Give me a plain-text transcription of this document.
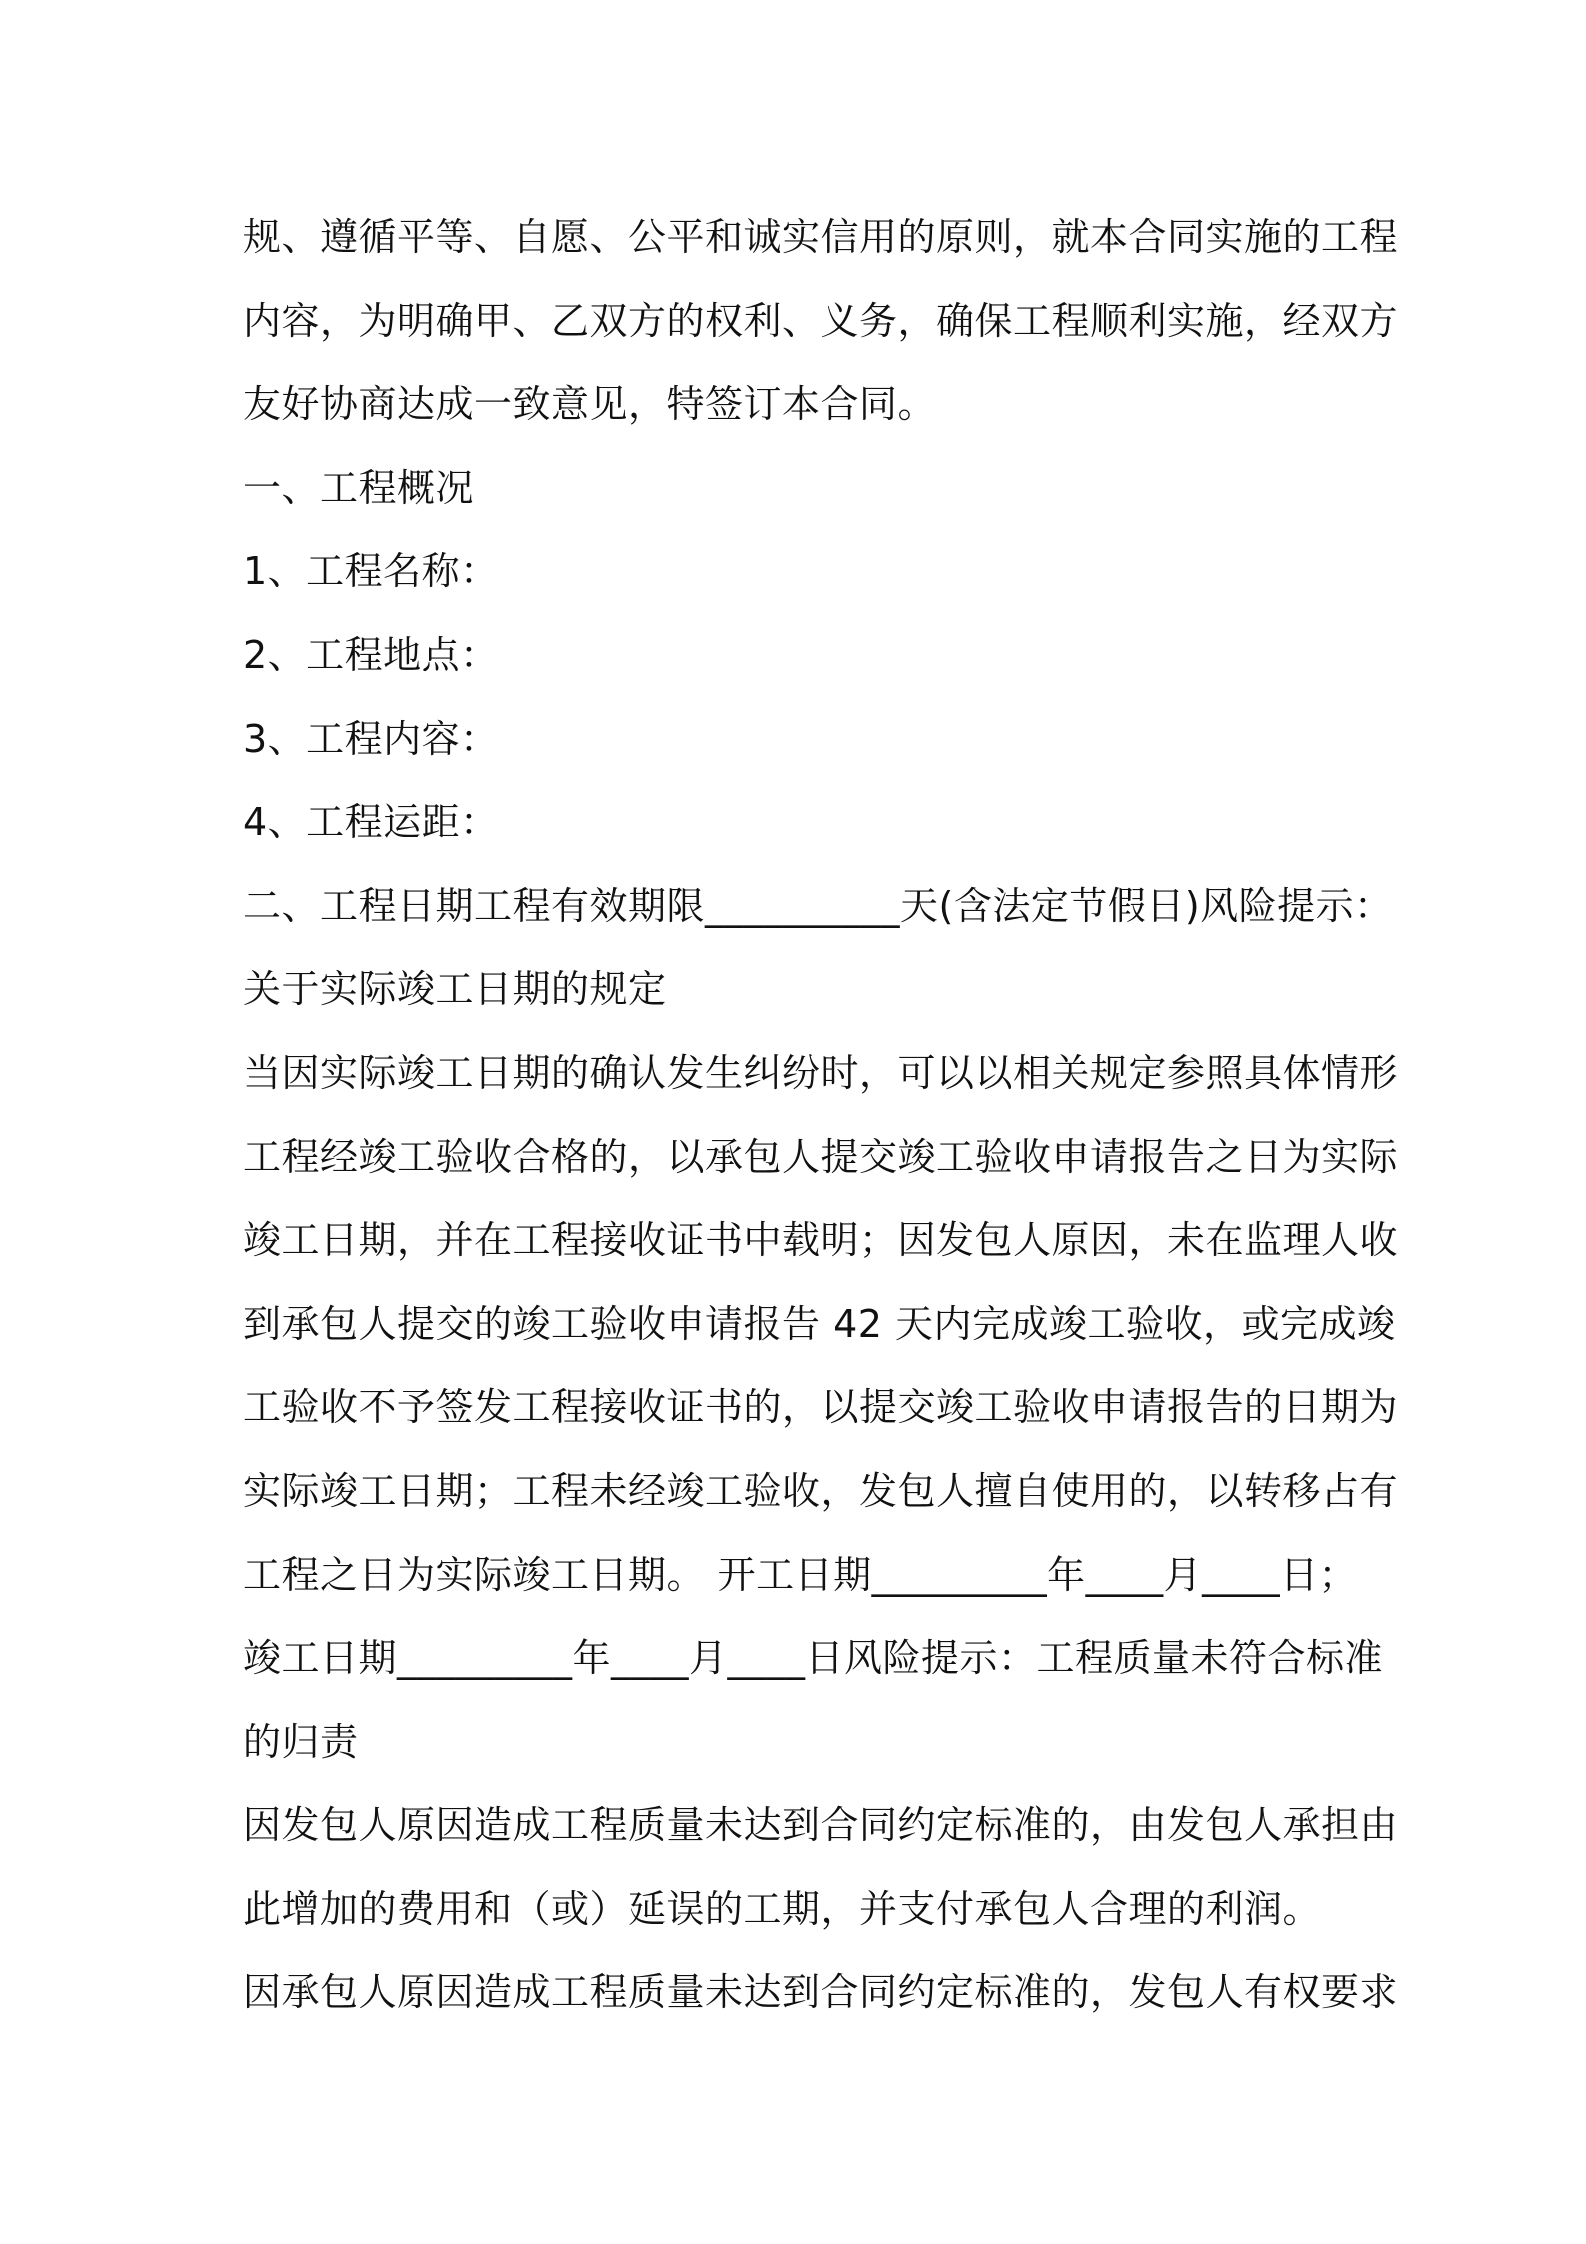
规、遵循平等、自愿、公平和诚实信用的原则，就本合同实施的工程
内容，为明确甲、乙双方的权利、义务，确保工程顺利实施，经双方
友好协商达成一致意见，特签订本合同。
一、工程概况
1、工程名称：
2、工程地点：
3、工程内容：
4、工程运距：
二、工程日期工程有效期限__________天(含法定节假日)风险提示：
关于实际竣工日期的规定
当因实际竣工日期的确认发生纠纷时，可以以相关规定参照具体情形
工程经竣工验收合格的，以承包人提交竣工验收申请报告之日为实际
竣工日期，并在工程接收证书中载明；因发包人原因，未在监理人收
到承包人提交的竣工验收申请报告 42 天内完成竣工验收，或完成竣
工验收不予签发工程接收证书的，以提交竣工验收申请报告的日期为
实际竣工日期；工程未经竣工验收，发包人擅自使用的，以转移占有
工程之日为实际竣工日期。 开工日期_________年____月____日；
竣工日期_________年____月____日风险提示：工程质量未符合标准
的归责
因发包人原因造成工程质量未达到合同约定标准的，由发包人承担由
此增加的费用和（或）延误的工期，并支付承包人合理的利润。
因承包人原因造成工程质量未达到合同约定标准的，发包人有权要求
